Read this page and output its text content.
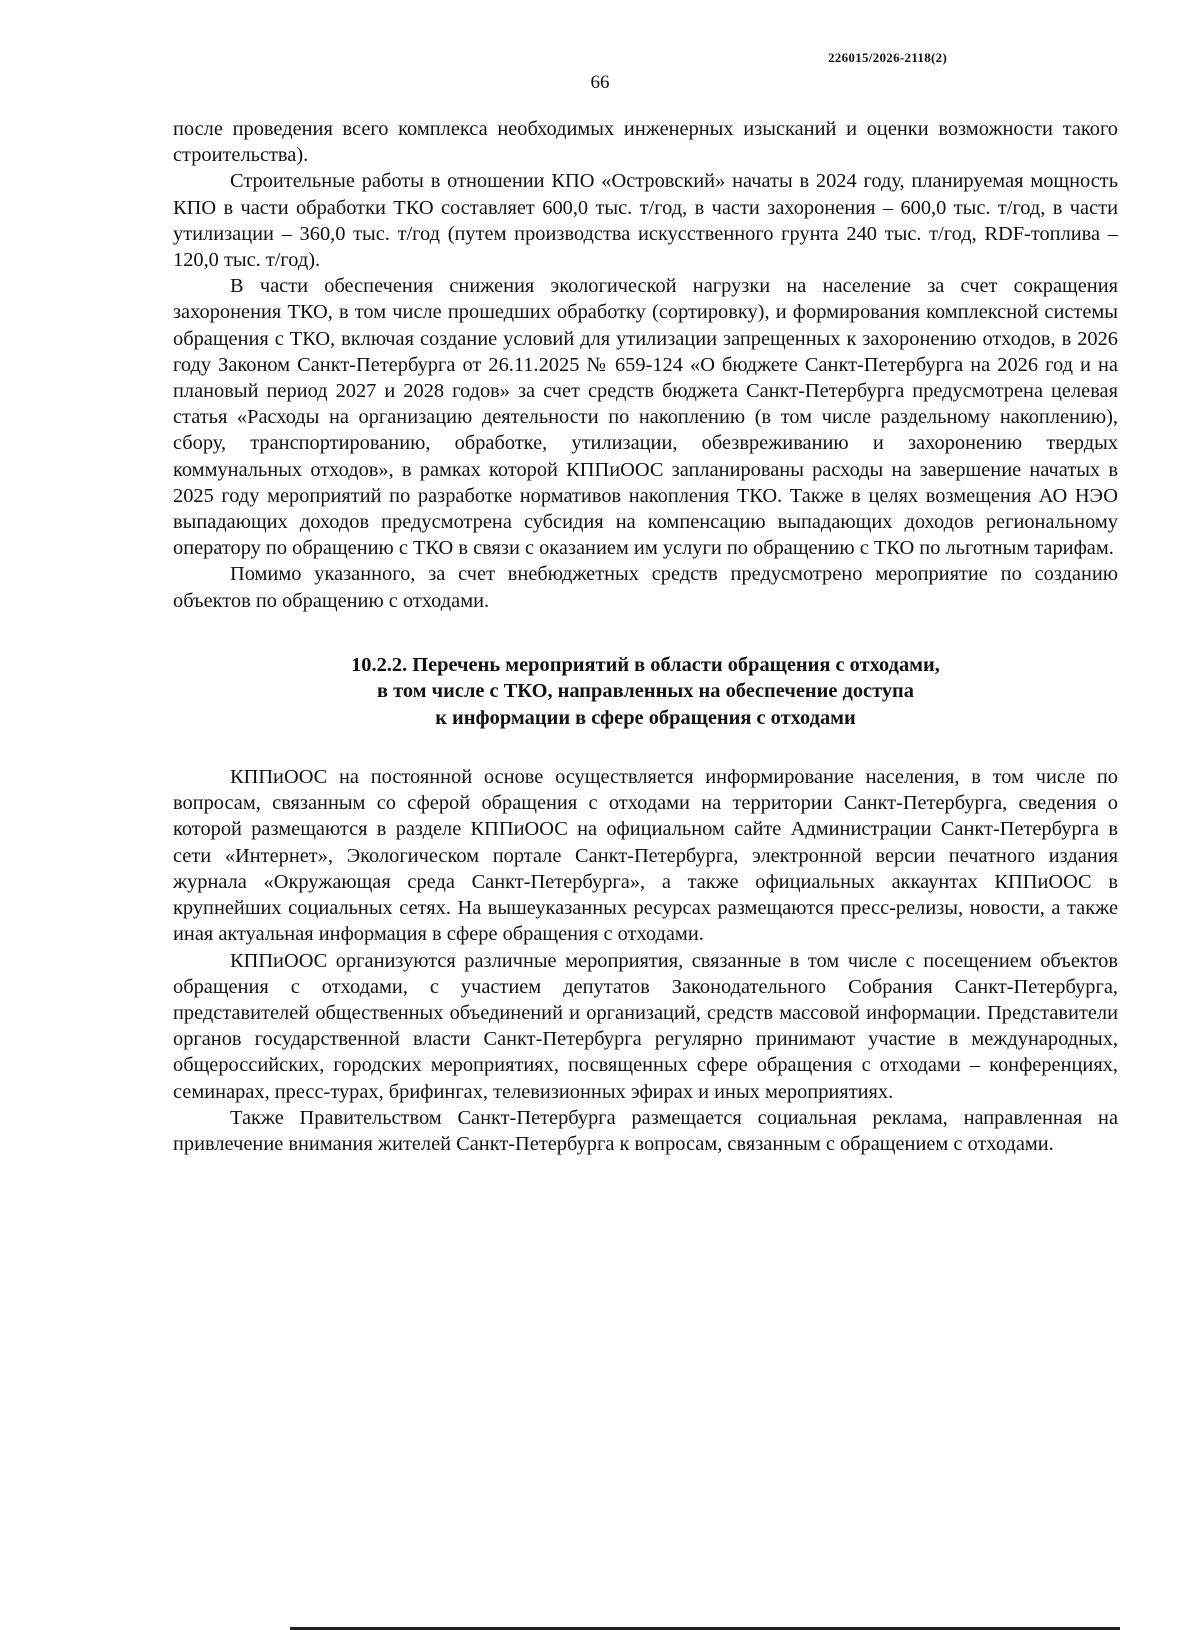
226015/2026-2118(2)
66

после проведения всего комплекса необходимых инженерных изысканий и оценки возможности такого строительства).

Строительные работы в отношении КПО «Островский» начаты в 2024 году, планируемая мощность КПО в части обработки ТКО составляет 600,0 тыс. т/год, в части захоронения – 600,0 тыс. т/год, в части утилизации – 360,0 тыс. т/год (путем производства искусственного грунта 240 тыс. т/год, RDF-топлива – 120,0 тыс. т/год).

В части обеспечения снижения экологической нагрузки на население за счет сокращения захоронения ТКО, в том числе прошедших обработку (сортировку), и формирования комплексной системы обращения с ТКО, включая создание условий для утилизации запрещенных к захоронению отходов, в 2026 году Законом Санкт-Петербурга от 26.11.2025 № 659-124 «О бюджете Санкт-Петербурга на 2026 год и на плановый период 2027 и 2028 годов» за счет средств бюджета Санкт-Петербурга предусмотрена целевая статья «Расходы на организацию деятельности по накоплению (в том числе раздельному накоплению), сбору, транспортированию, обработке, утилизации, обезвреживанию и захоронению твердых коммунальных отходов», в рамках которой КППиООС запланированы расходы на завершение начатых в 2025 году мероприятий по разработке нормативов накопления ТКО. Также в целях возмещения АО НЭО выпадающих доходов предусмотрена субсидия на компенсацию выпадающих доходов региональному оператору по обращению с ТКО в связи с оказанием им услуги по обращению с ТКО по льготным тарифам.

Помимо указанного, за счет внебюджетных средств предусмотрено мероприятие по созданию объектов по обращению с отходами.

10.2.2. Перечень мероприятий в области обращения с отходами,
в том числе с ТКО, направленных на обеспечение доступа
к информации в сфере обращения с отходами

КППиООС на постоянной основе осуществляется информирование населения, в том числе по вопросам, связанным со сферой обращения с отходами на территории Санкт-Петербурга, сведения о которой размещаются в разделе КППиООС на официальном сайте Администрации Санкт-Петербурга в сети «Интернет», Экологическом портале Санкт-Петербурга, электронной версии печатного издания журнала «Окружающая среда Санкт-Петербурга», а также официальных аккаунтах КППиООС в крупнейших социальных сетях. На вышеуказанных ресурсах размещаются пресс-релизы, новости, а также иная актуальная информация в сфере обращения с отходами.

КППиООС организуются различные мероприятия, связанные в том числе с посещением объектов обращения с отходами, с участием депутатов Законодательного Собрания Санкт-Петербурга, представителей общественных объединений и организаций, средств массовой информации. Представители органов государственной власти Санкт-Петербурга регулярно принимают участие в международных, общероссийских, городских мероприятиях, посвященных сфере обращения с отходами – конференциях, семинарах, пресс-турах, брифингах, телевизионных эфирах и иных мероприятиях.

Также Правительством Санкт-Петербурга размещается социальная реклама, направленная на привлечение внимания жителей Санкт-Петербурга к вопросам, связанным с обращением с отходами.
